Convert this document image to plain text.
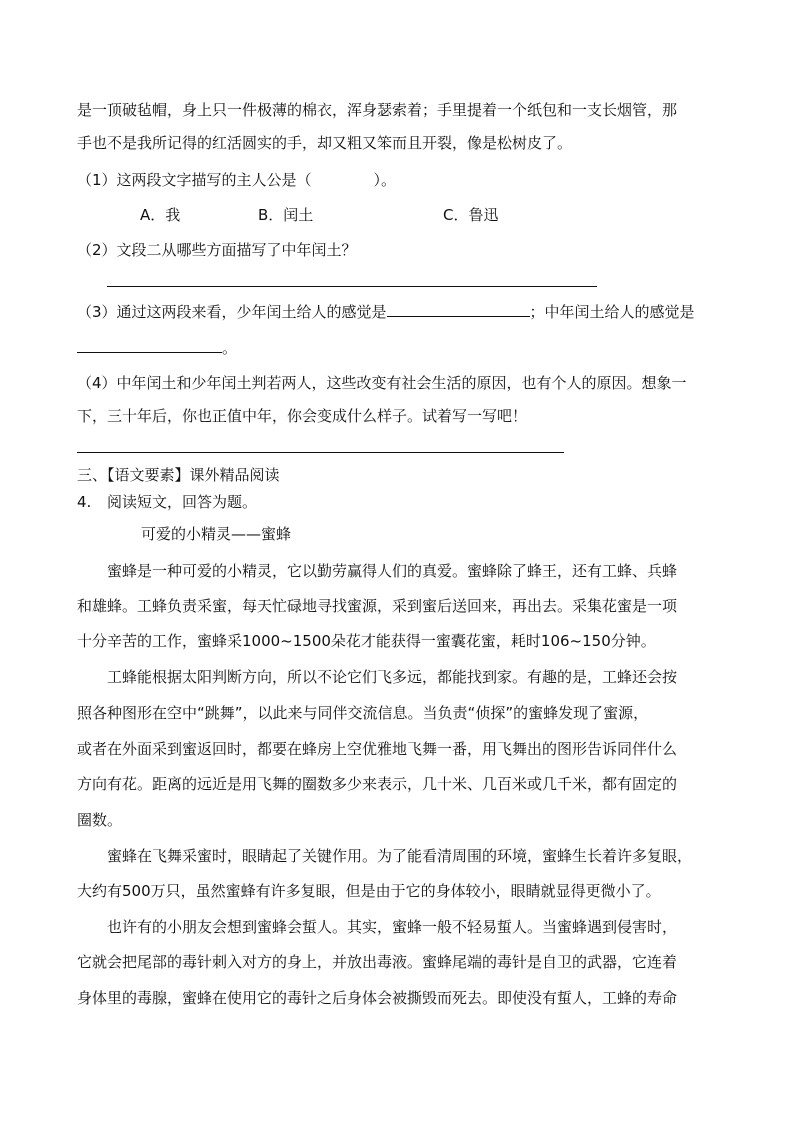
是一顶破毡帽，身上只一件极薄的棉衣，浑身瑟索着；手里提着一个纸包和一支长烟管，那
手也不是我所记得的红活圆实的手，却又粗又笨而且开裂，像是松树皮了。
（1）这两段文字描写的主人公是（	）。
A．我	B．闰土	C．鲁迅
（2）文段二从哪些方面描写了中年闰土？
（3）通过这两段来看，少年闰土给人的感觉是	；中年闰土给人的感觉是
。
（4）中年闰土和少年闰土判若两人，这些改变有社会生活的原因，也有个人的原因。想象一
下，三十年后，你也正值中年，你会变成什么样子。试着写一写吧！
三、【语文要素】课外精品阅读
4. 阅读短文，回答为题。
可爱的小精灵——蜜蜂
蜜蜂是一种可爱的小精灵，它以勤劳赢得人们的真爱。蜜蜂除了蜂王，还有工蜂、兵蜂
和雄蜂。工蜂负责采蜜，每天忙碌地寻找蜜源，采到蜜后送回来，再出去。采集花蜜是一项
十分辛苦的工作，蜜蜂采1000~1500朵花才能获得一蜜囊花蜜，耗时106~150分钟。
工蜂能根据太阳判断方向，所以不论它们飞多远，都能找到家。有趣的是，工蜂还会按
照各种图形在空中“跳舞”，以此来与同伴交流信息。当负责“侦探”的蜜蜂发现了蜜源，
或者在外面采到蜜返回时，都要在蜂房上空优雅地飞舞一番，用飞舞出的图形告诉同伴什么
方向有花。距离的远近是用飞舞的圈数多少来表示，几十米、几百米或几千米，都有固定的
圈数。
蜜蜂在飞舞采蜜时，眼睛起了关键作用。为了能看清周围的环境，蜜蜂生长着许多复眼，
大约有500万只，虽然蜜蜂有许多复眼，但是由于它的身体较小，眼睛就显得更微小了。
也许有的小朋友会想到蜜蜂会蜇人。其实，蜜蜂一般不轻易蜇人。当蜜蜂遇到侵害时，
它就会把尾部的毒针刺入对方的身上，并放出毒液。蜜蜂尾端的毒针是自卫的武器，它连着
身体里的毒腺，蜜蜂在使用它的毒针之后身体会被撕毁而死去。即使没有蜇人，工蜂的寿命
